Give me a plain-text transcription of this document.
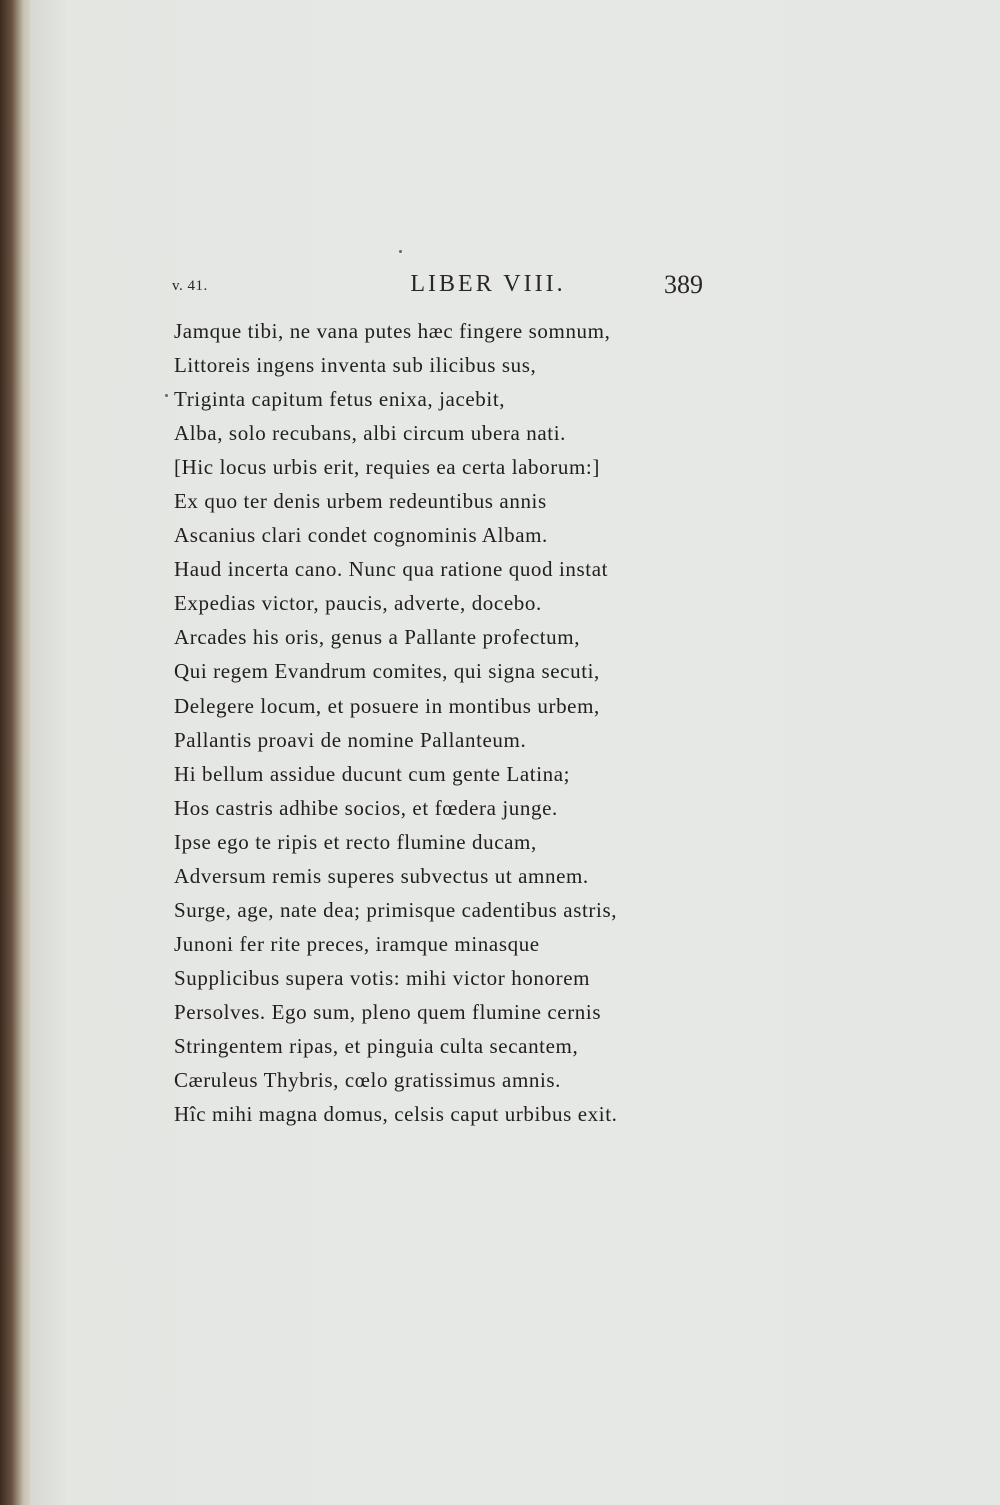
v. 41.	LIBER VIII.	389
Jamque tibi, ne vana putes hæc fingere somnum,
Littoreis ingens inventa sub ilicibus sus,
Triginta capitum fetus enixa, jacebit,
Alba, solo recubans, albi circum ubera nati.
[Hic locus urbis erit, requies ea certa laborum:]
Ex quo ter denis urbem redeuntibus annis
Ascanius clari condet cognominis Albam.
Haud incerta cano. Nunc qua ratione quod instat
Expedias victor, paucis, adverte, docebo.
Arcades his oris, genus a Pallante profectum,
Qui regem Evandrum comites, qui signa secuti,
Delegere locum, et posuere in montibus urbem,
Pallantis proavi de nomine Pallanteum.
Hi bellum assidue ducunt cum gente Latina;
Hos castris adhibe socios, et fœdera junge.
Ipse ego te ripis et recto flumine ducam,
Adversum remis superes subvectus ut amnem.
Surge, age, nate dea; primisque cadentibus astris,
Junoni fer rite preces, iramque minasque
Supplicibus supera votis: mihi victor honorem
Persolves. Ego sum, pleno quem flumine cernis
Stringentem ripas, et pinguia culta secantem,
Cæruleus Thybris, cœlo gratissimus amnis.
Hîc mihi magna domus, celsis caput urbibus exit.
